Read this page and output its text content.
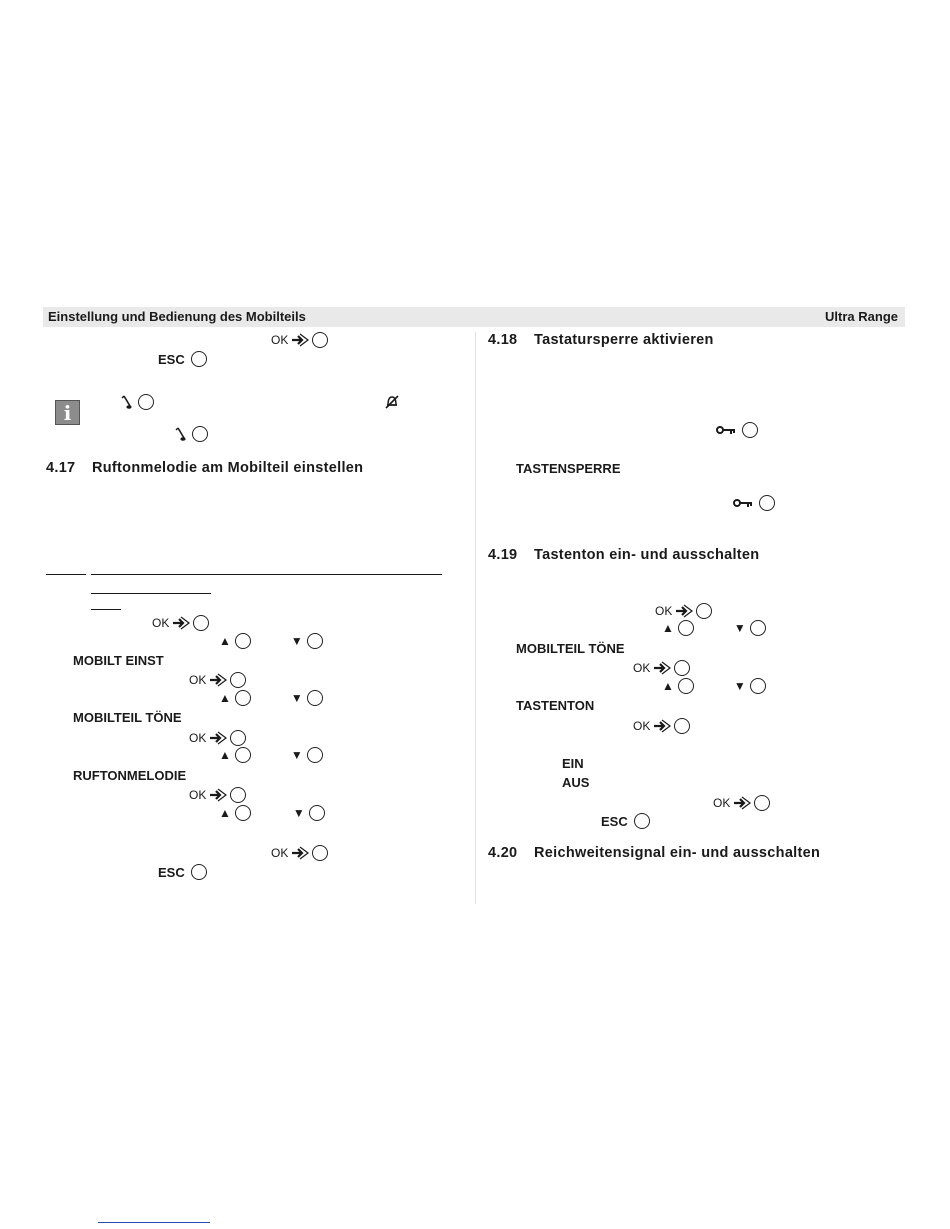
Einstellung und Bedienung des Mobilteils	Ultra Range
OK
ESC
i
4.17 Ruftonmelodie am Mobilteil einstellen
OK
▲	▼
MOBILT EINST
OK
▲	▼
MOBILTEIL TÖNE
OK
▲	▼
RUFTONMELODIE
OK
▲	▼
OK
ESC
4.18 Tastatursperre aktivieren
TASTENSPERRE
4.19 Tastenton ein- und ausschalten
OK
▲	▼
MOBILTEIL TÖNE
OK
▲	▼
TASTENTON
OK
EIN
AUS
OK
ESC
4.20 Reichweitensignal ein- und ausschalten
